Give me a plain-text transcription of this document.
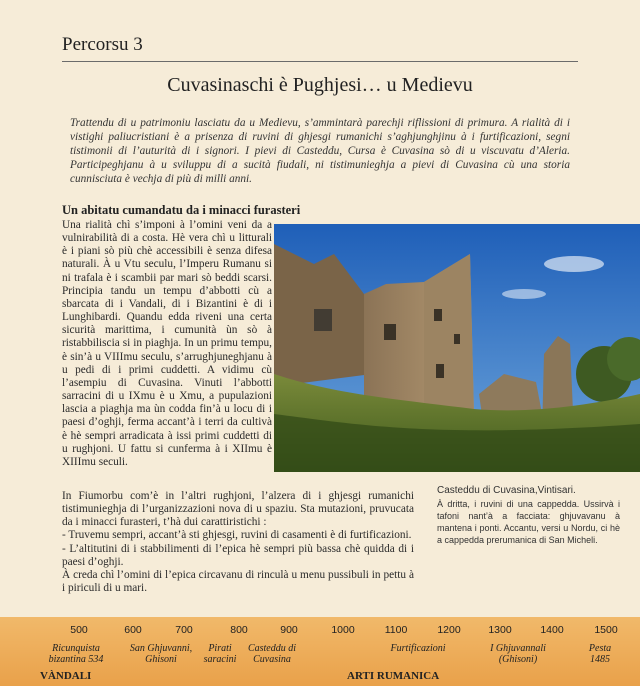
Percorsu 3
Cuvasinaschi è Pughjesi… u Medievu
Trattendu di u patrimoniu lasciatu da u Medievu, s’ammintarà parechji riflissioni di primura. A rialità di i vistighi paliucristiani è a prisenza di ruvini di ghjesgi rumanichi s’aghjunghjinu à i furtificazioni, segni tistimonii di l’auturità di i signori. I pievi di Casteddu, Cursa è Cuvasina sò di u viscuvatu d’Aleria. Participeghjanu à u sviluppu di a sucità fiudali, ni tistimunieghja a pievi di Cuvasina cù una storia cunnisciuta è vechja di più di milli anni.
Un abitatu cumandatu da i minacci furasteri

Una rialità chì s’imponi à l’omini veni da a vulnirabilità di a costa. Hè vera chì u litturali è i piani sò più chè accessibili è senza difesa naturali. À u Vtu seculu, l’Imperu Rumanu si ni trafala è i scambii par mari sò beddi scarsi. Principia tandu un tempu d’abbotti cù a sbarcata di i Vandali, di i Bizantini è di i Lunghibardi. Quandu edda riveni una certa sicurità marittima, i cumunità ùn sò à ristabbiliscia si in piaghja. In un primu tempu, è sin’à u VIIImu seculu, s’arrughjuneghjanu à u pedi di i primi cuddetti. A vidimu cù l’asempiu di Cuvasina. Vinuti l’abbotti sarracini di u IXmu è u Xmu, a pupulazioni lascia a piaghja ma ùn codda fin’à u locu di i paesi d’oghji, ferma accant’à i terri da cultivà è hè sempri arradicata à issi primi cuddetti di u rughjoni. U fattu si cunferma à i XIImu è XIIImu seculi.

In Fiumorbu com’è in l’altri rughjoni, l’alzera di i ghjesgi rumanichi tistimunieghja di l’urganizzazioni nova di u spaziu. Sta mutazioni, pruvucata da i minacci furasteri, t’hà dui carattiristichi :

- Truvemu sempri, accant’à sti ghjesgi, ruvini di casamenti è di furtificazioni.

- L’altitutini di i stabbilimenti di l’epica hè sempri più bassa chè quidda di i paesi d’oghji.

À creda chì l’omini di l’epica circavanu di rinculà u menu pussibuli in pettu à i piriculi di u mari.

Casteddu di Cuvasina,Vintisari.
À dritta, i ruvini di una cappedda. Ussirvà i tafoni nant’à a facciata: ghjuvavanu à mantena i ponti. Accantu, versi u Nordu, ci hè a cappedda prerumanica di San Micheli.
500	600	700	800	900	1000	1100	1200	1300	1400	1500
Ricunquista
bizantina 534
San Ghjuvanni,
Ghisoni
Pirati
saracini
Casteddu di
Cuvasina
Furtificazioni	I Ghjuvannali
(Ghisoni)
Pesta
1485
VÀNDALI	ARTI RUMANICA
